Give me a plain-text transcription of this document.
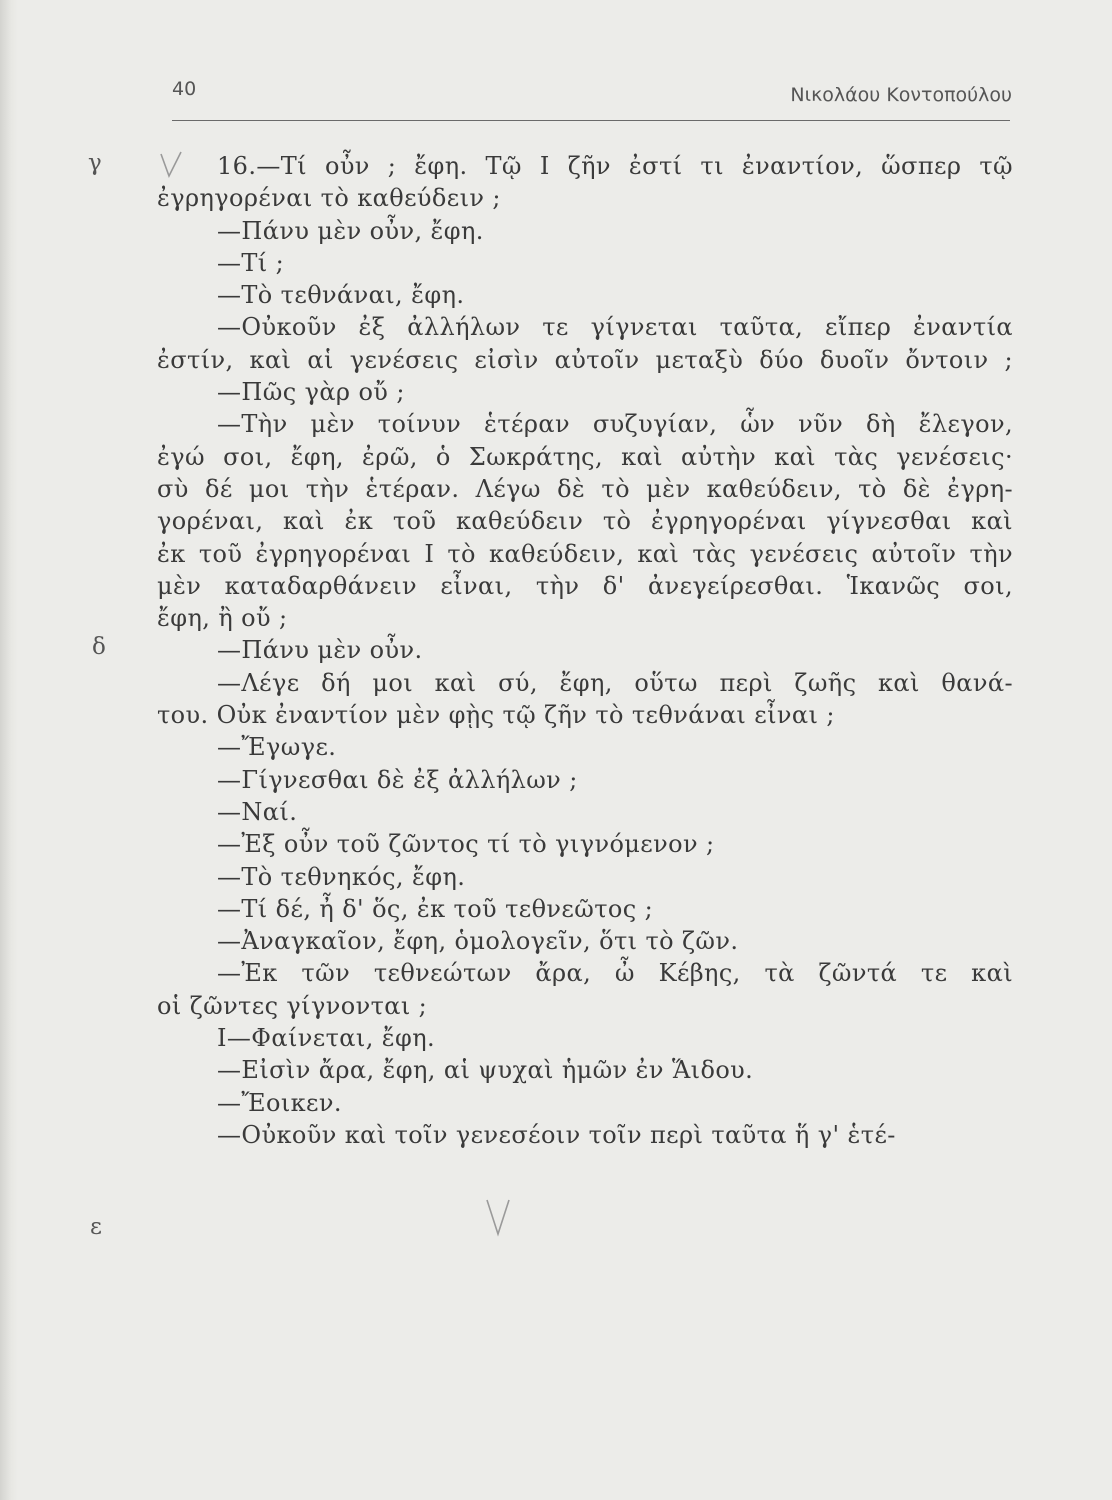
40	Νικολάου Κοντοπούλου
γ
δ
ε
16.—Τί οὖν ; ἔφη. Τῷ Ι ζῆν ἐστί τι ἐναντίον, ὥσπερ τῷ
ἐγρηγορέναι τὸ καθεύδειν ;
—Πάνυ μὲν οὖν, ἔφη.
—Τί ;
—Τὸ τεθνάναι, ἔφη.
—Οὐκοῦν ἐξ ἀλλήλων τε γίγνεται ταῦτα, εἴπερ ἐναντία
ἐστίν, καὶ αἱ γενέσεις εἰσὶν αὐτοῖν μεταξὺ δύο δυοῖν ὄντοιν ;
—Πῶς γὰρ οὔ ;
—Τὴν μὲν τοίνυν ἑτέραν συζυγίαν, ὧν νῦν δὴ ἔλεγον,
ἐγώ σοι, ἔφη, ἐρῶ, ὁ Σωκράτης, καὶ αὐτὴν καὶ τὰς γενέσεις·
σὺ δέ μοι τὴν ἑτέραν. Λέγω δὲ τὸ μὲν καθεύδειν, τὸ δὲ ἐγρη-
γορέναι, καὶ ἐκ τοῦ καθεύδειν τὸ ἐγρηγορέναι γίγνεσθαι καὶ
ἐκ τοῦ ἐγρηγορέναι Ι τὸ καθεύδειν, καὶ τὰς γενέσεις αὐτοῖν τὴν
μὲν καταδαρθάνειν εἶναι, τὴν δ' ἀνεγείρεσθαι. Ἱκανῶς σοι,
ἔφη, ἢ οὔ ;
—Πάνυ μὲν οὖν.
—Λέγε δή μοι καὶ σύ, ἔφη, οὕτω περὶ ζωῆς καὶ θανά-
του. Οὐκ ἐναντίον μὲν φῂς τῷ ζῆν τὸ τεθνάναι εἶναι ;
—Ἔγωγε.
—Γίγνεσθαι δὲ ἐξ ἀλλήλων ;
—Ναί.
—Ἐξ οὖν τοῦ ζῶντος τί τὸ γιγνόμενον ;
—Τὸ τεθνηκός, ἔφη.
—Τί δέ, ἦ δ' ὅς, ἐκ τοῦ τεθνεῶτος ;
—Ἀναγκαῖον, ἔφη, ὁμολογεῖν, ὅτι τὸ ζῶν.
—Ἐκ τῶν τεθνεώτων ἄρα, ὦ Κέβης, τὰ ζῶντά τε καὶ
οἱ ζῶντες γίγνονται ;
Ι—Φαίνεται, ἔφη.
—Εἰσὶν ἄρα, ἔφη, αἱ ψυχαὶ ἡμῶν ἐν Ἅιδου.
—Ἔοικεν.
—Οὐκοῦν καὶ τοῖν γενεσέοιν τοῖν περὶ ταῦτα ἥ γ' ἑτέ-
